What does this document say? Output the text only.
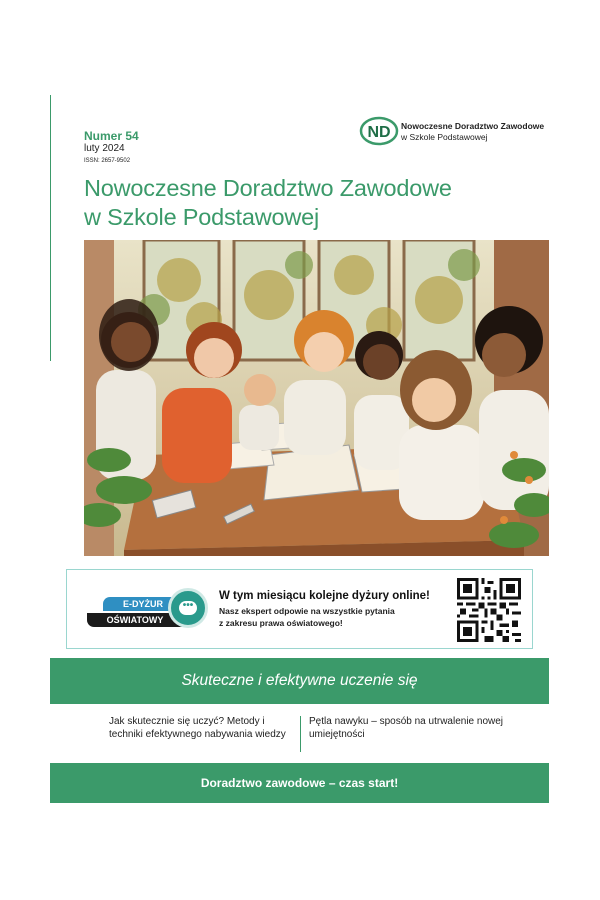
Numer 54
luty 2024
ISSN: 2657-9502
ND Nowoczesne Doradztwo Zawodowe
w Szkole Podstawowej
Nowoczesne Doradztwo Zawodowe
w Szkole Podstawowej
E-DYŻUR
OŚWIATOWY
•••
W tym miesiącu kolejne dyżury online!
Nasz ekspert odpowie na wszystkie pytania
z zakresu prawa oświatowego!
Skuteczne i efektywne uczenie się
Jak skutecznie się uczyć? Metody i techniki efektywnego nabywania wiedzy
Pętla nawyku – sposób na utrwalenie nowej umiejętności
Doradztwo zawodowe – czas start!
